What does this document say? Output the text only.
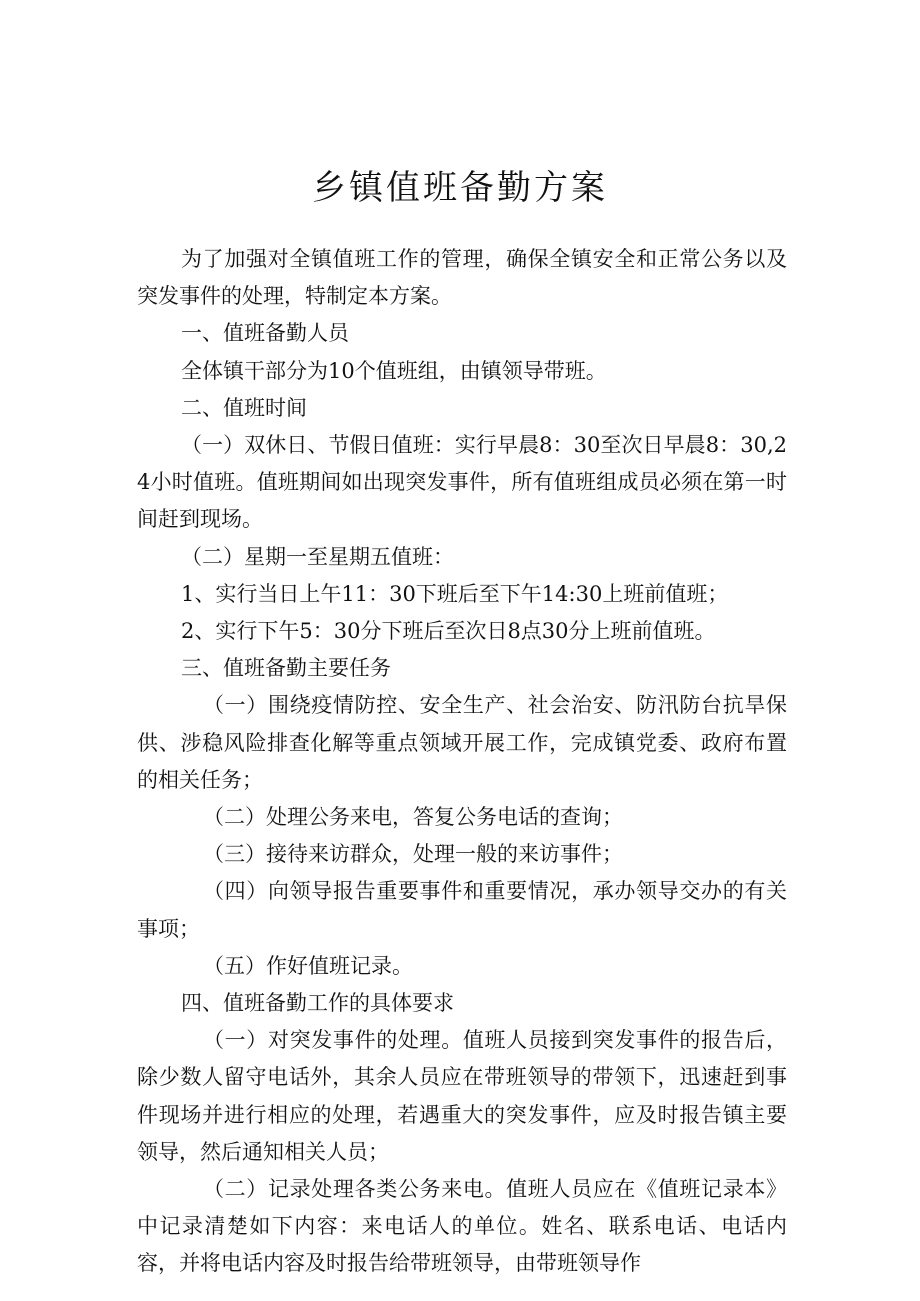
乡镇值班备勤方案

为了加强对全镇值班工作的管理，确保全镇安全和正常公务以及突发事件的处理，特制定本方案。

一、值班备勤人员

全体镇干部分为10个值班组，由镇领导带班。

二、值班时间

（一）双休日、节假日值班：实行早晨8：30至次日早晨8：30,24小时值班。值班期间如出现突发事件，所有值班组成员必须在第一时间赶到现场。

（二）星期一至星期五值班：

1、实行当日上午11：30下班后至下午14:30上班前值班；

2、实行下午5：30分下班后至次日8点30分上班前值班。

三、值班备勤主要任务

（一）围绕疫情防控、安全生产、社会治安、防汛防台抗旱保供、涉稳风险排查化解等重点领域开展工作，完成镇党委、政府布置的相关任务；

（二）处理公务来电，答复公务电话的查询；

（三）接待来访群众，处理一般的来访事件；

（四）向领导报告重要事件和重要情况，承办领导交办的有关事项；

（五）作好值班记录。

四、值班备勤工作的具体要求

（一）对突发事件的处理。值班人员接到突发事件的报告后，除少数人留守电话外，其余人员应在带班领导的带领下，迅速赶到事件现场并进行相应的处理，若遇重大的突发事件，应及时报告镇主要领导，然后通知相关人员；

（二）记录处理各类公务来电。值班人员应在《值班记录本》中记录清楚如下内容：来电话人的单位。姓名、联系电话、电话内容，并将电话内容及时报告给带班领导，由带班领导作
